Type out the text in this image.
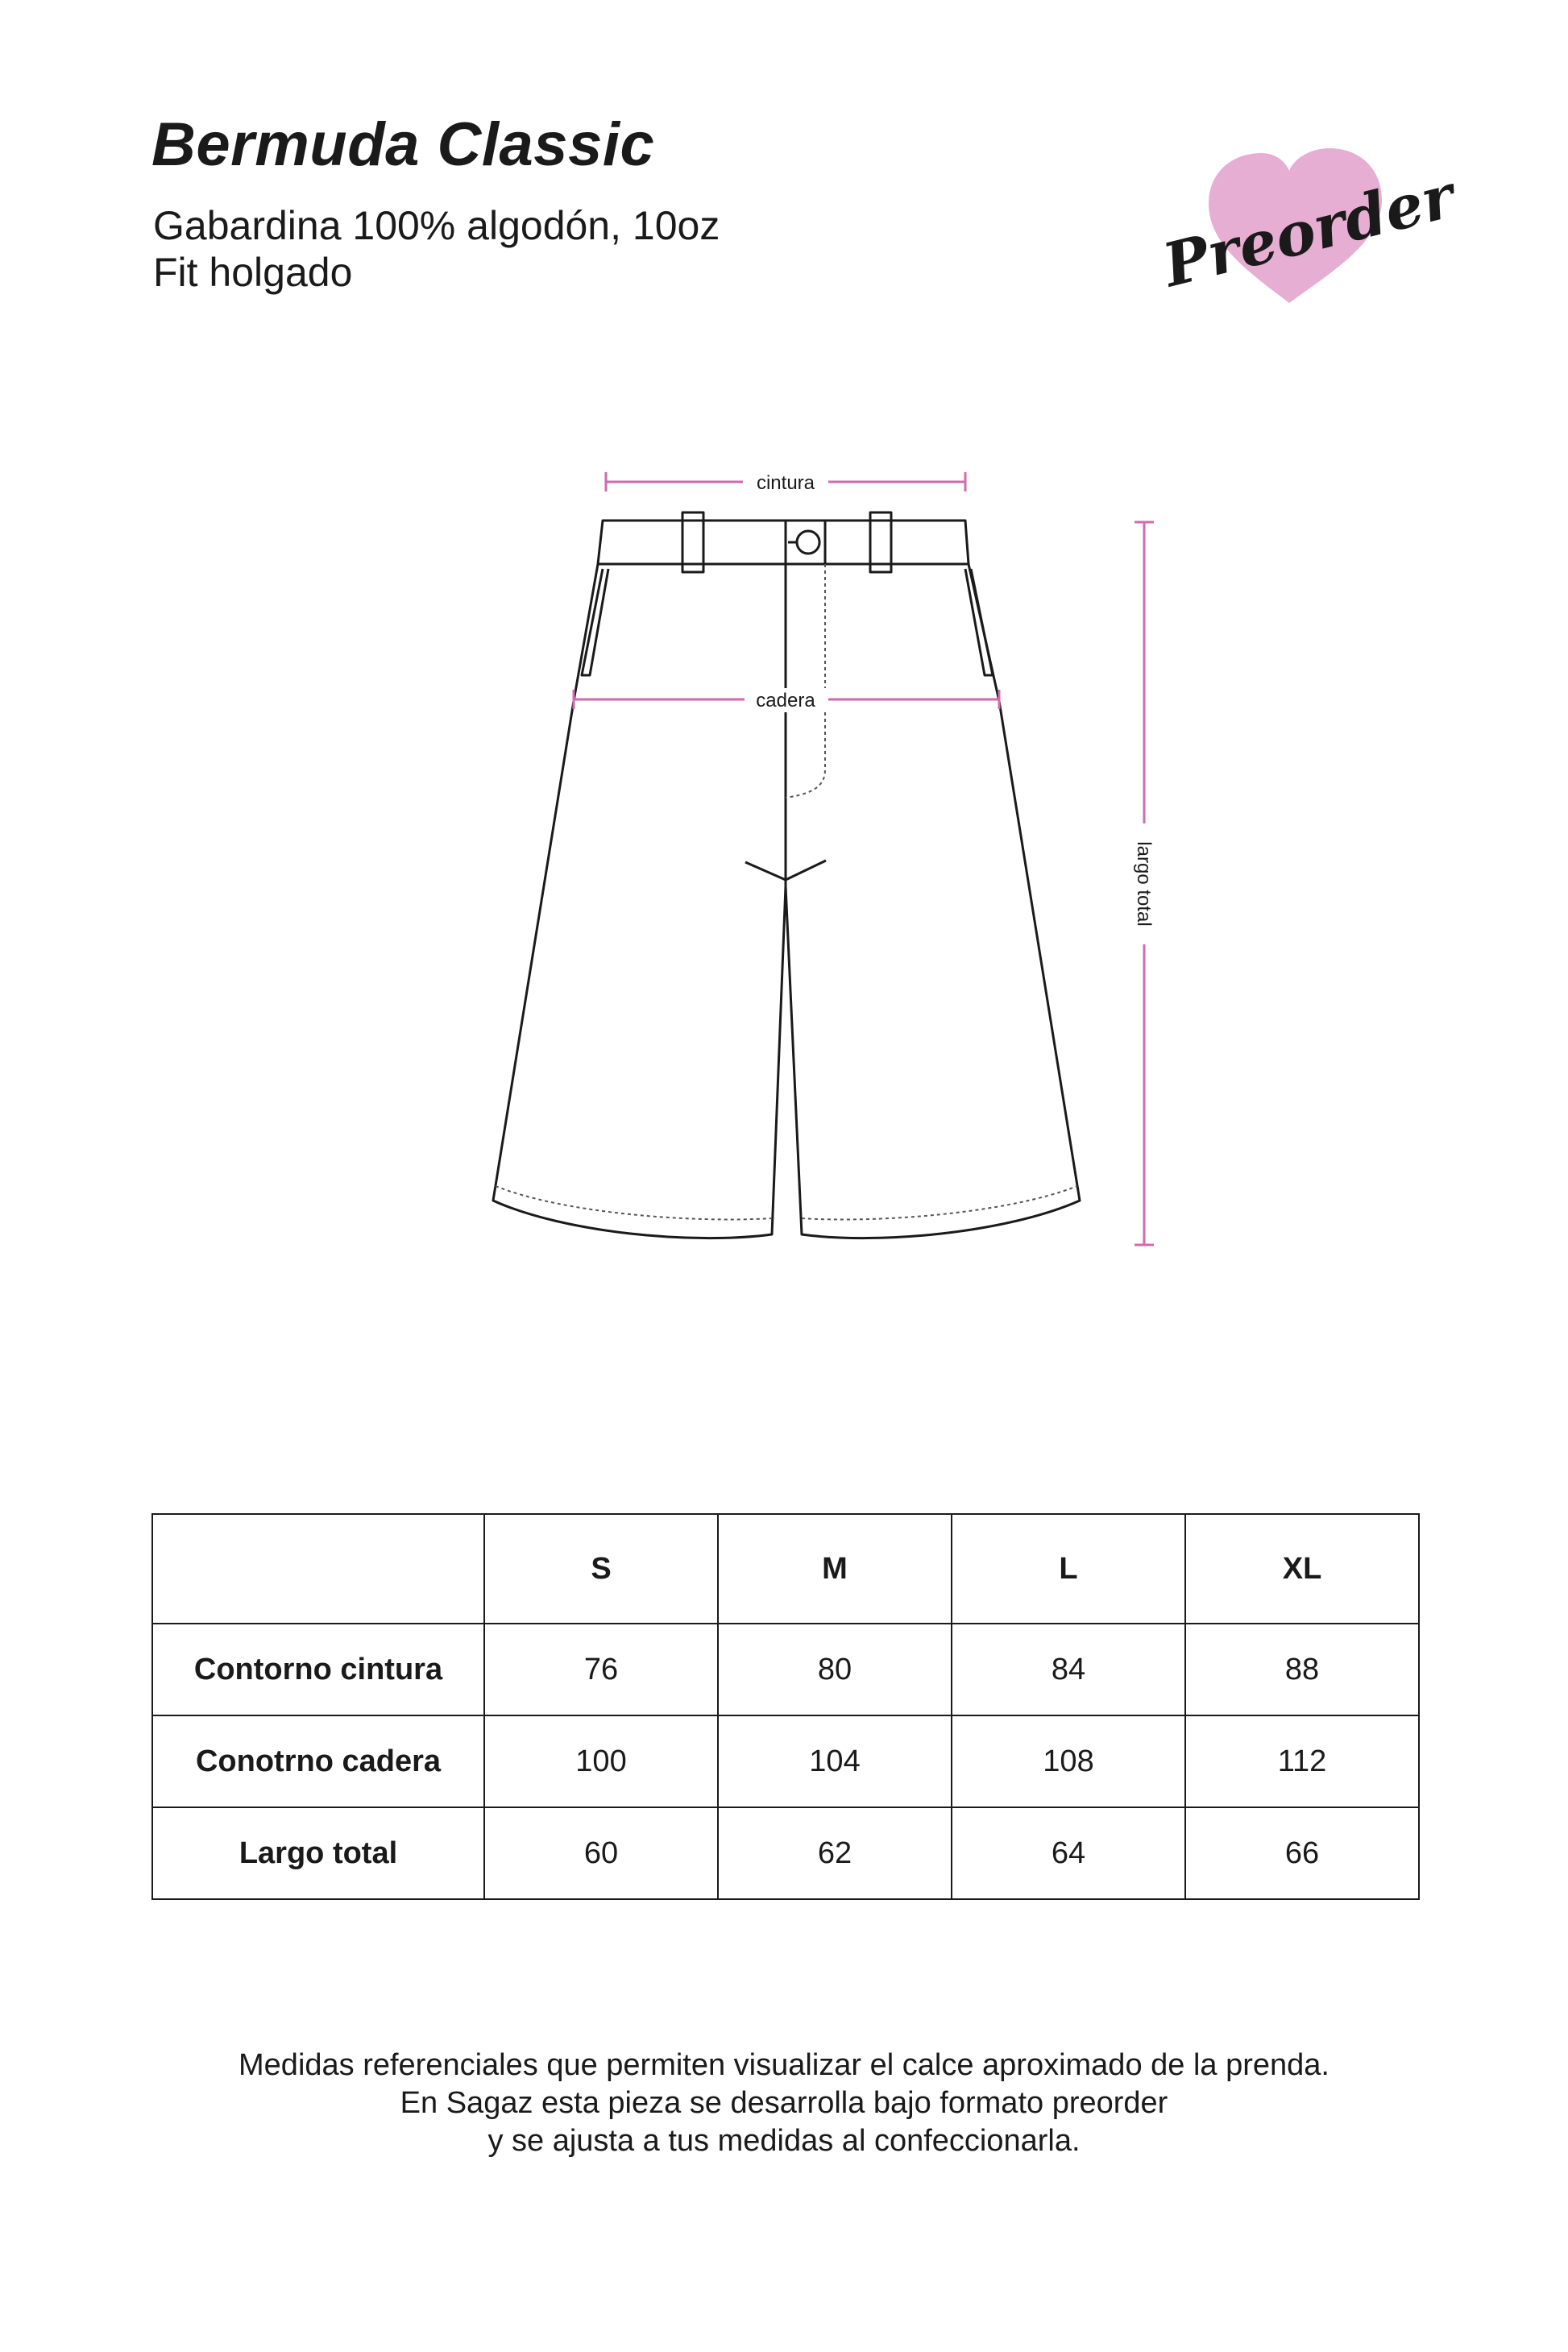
Bermuda Classic

Gabardina 100% algodón, 10oz

Fit holgado	Preorder
cintura
cadera
largo total
	S	M	L	XL
Contorno cintura	76	80	84	88
Conotrno cadera	100	104	108	112
Largo total	60	62	64	66
Medidas referenciales que permiten visualizar el calce aproximado de la prenda.
En Sagaz esta pieza se desarrolla bajo formato preorder
y se ajusta a tus medidas al confeccionarla.
